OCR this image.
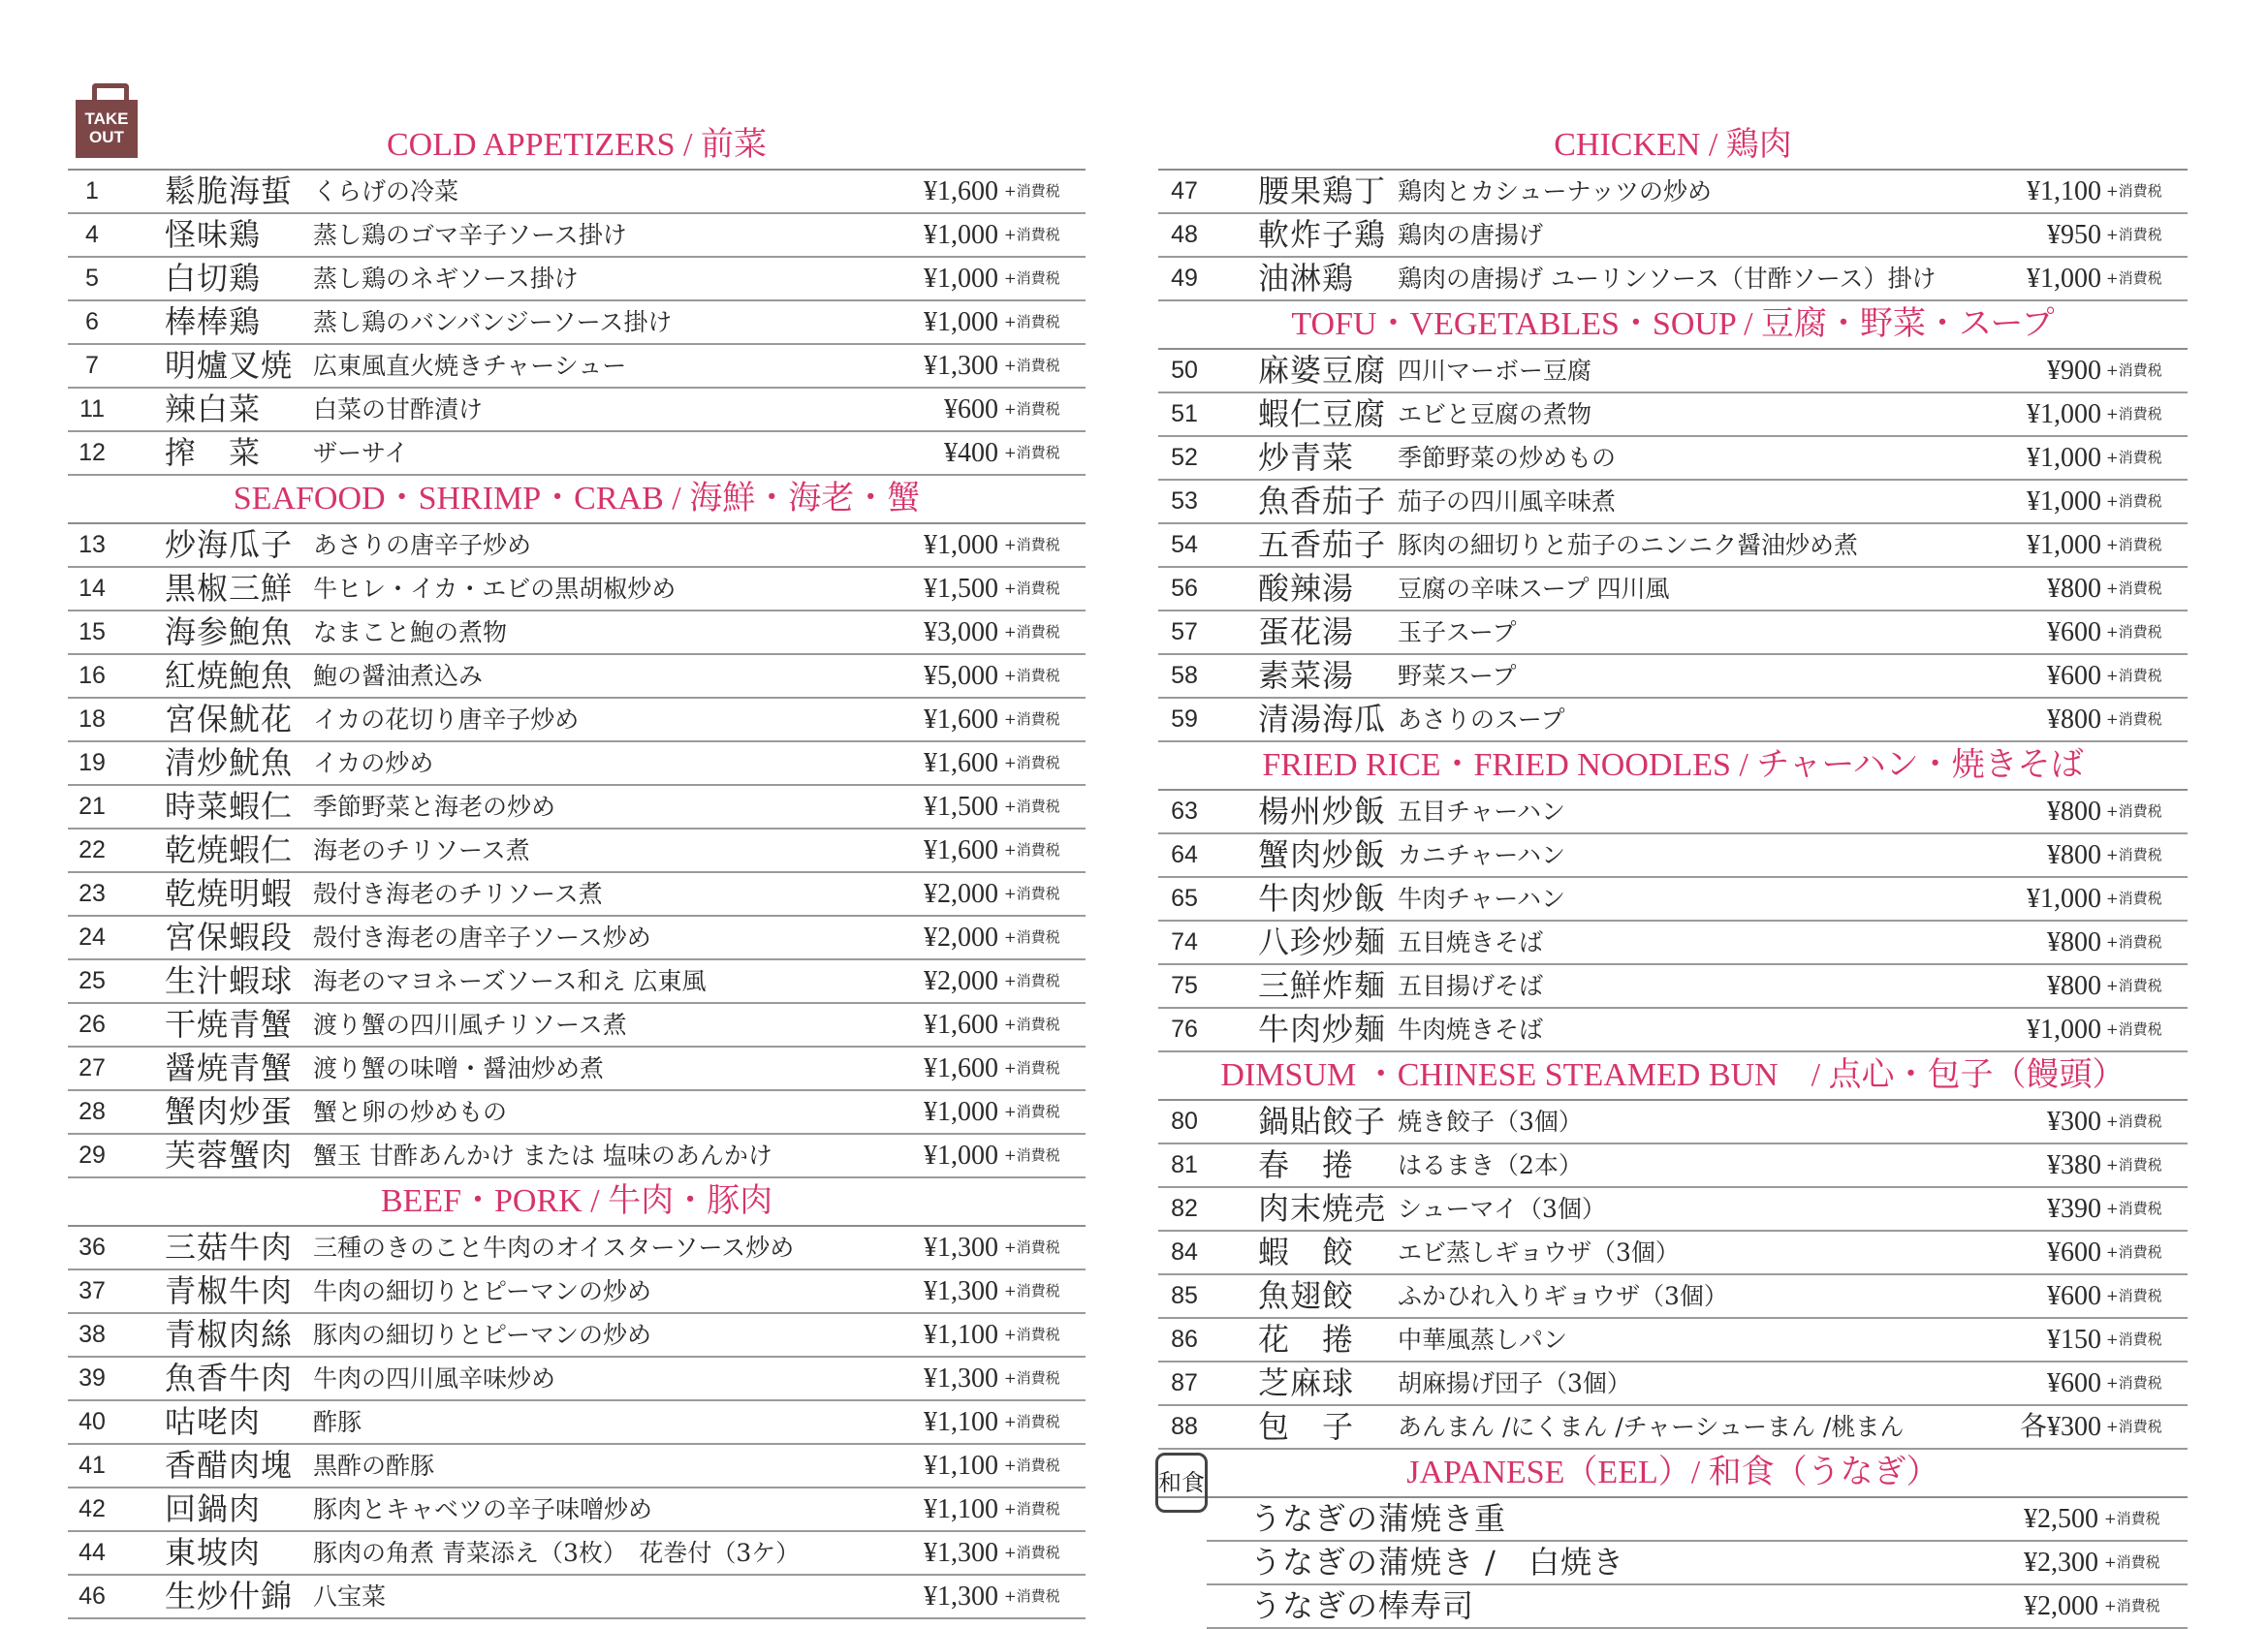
TAKE
OUT	COLD APPETIZERS / 前菜
1	鬆脆海蜇 くらげの冷菜	¥1,600 +消費税
4	怪味鶏 蒸し鶏のゴマ辛子ソース掛け	¥1,000 +消費税
5	白切鶏 蒸し鶏のネギソース掛け	¥1,000 +消費税
6	棒棒鶏 蒸し鶏のバンバンジーソース掛け	¥1,000 +消費税
7	明爐叉焼 広東風直火焼きチャーシュー	¥1,300 +消費税
11	辣白菜 白菜の甘酢漬け	¥600 +消費税
12	搾　菜 ザーサイ	¥400 +消費税
SEAFOOD・SHRIMP・CRAB / 海鮮・海老・蟹
13	炒海瓜子 あさりの唐辛子炒め	¥1,000 +消費税
14	黒椒三鮮 牛ヒレ・イカ・エビの黒胡椒炒め	¥1,500 +消費税
15	海参鮑魚 なまこと鮑の煮物	¥3,000 +消費税
16	紅焼鮑魚 鮑の醤油煮込み	¥5,000 +消費税
18	宮保魷花 イカの花切り唐辛子炒め	¥1,600 +消費税
19	清炒魷魚 イカの炒め	¥1,600 +消費税
21	時菜蝦仁 季節野菜と海老の炒め	¥1,500 +消費税
22	乾焼蝦仁 海老のチリソース煮	¥1,600 +消費税
23	乾焼明蝦 殻付き海老のチリソース煮	¥2,000 +消費税
24	宮保蝦段 殻付き海老の唐辛子ソース炒め	¥2,000 +消費税
25	生汁蝦球 海老のマヨネーズソース和え 広東風	¥2,000 +消費税
26	干焼青蟹 渡り蟹の四川風チリソース煮	¥1,600 +消費税
27	醤焼青蟹 渡り蟹の味噌・醤油炒め煮	¥1,600 +消費税
28	蟹肉炒蛋 蟹と卵の炒めもの	¥1,000 +消費税
29	芙蓉蟹肉 蟹玉 甘酢あんかけ または 塩味のあんかけ	¥1,000 +消費税
BEEF・PORK / 牛肉・豚肉
36	三菇牛肉 三種のきのこと牛肉のオイスターソース炒め	¥1,300 +消費税
37	青椒牛肉 牛肉の細切りとピーマンの炒め	¥1,300 +消費税
38	青椒肉絲 豚肉の細切りとピーマンの炒め	¥1,100 +消費税
39	魚香牛肉 牛肉の四川風辛味炒め	¥1,300 +消費税
40	咕咾肉 酢豚	¥1,100 +消費税
41	香醋肉塊 黒酢の酢豚	¥1,100 +消費税
42	回鍋肉 豚肉とキャベツの辛子味噌炒め	¥1,100 +消費税
44	東坡肉 豚肉の角煮 青菜添え（3枚）　花巻付（3ケ）	¥1,300 +消費税
46	生炒什錦 八宝菜	¥1,300 +消費税
CHICKEN / 鶏肉
47	腰果鶏丁 鶏肉とカシューナッツの炒め	¥1,100 +消費税
48	軟炸子鶏 鶏肉の唐揚げ	¥950 +消費税
49	油淋鶏 鶏肉の唐揚げ ユーリンソース（甘酢ソース）掛け	¥1,000 +消費税
TOFU・VEGETABLES・SOUP / 豆腐・野菜・スープ
50	麻婆豆腐 四川マーボー豆腐	¥900 +消費税
51	蝦仁豆腐 エビと豆腐の煮物	¥1,000 +消費税
52	炒青菜 季節野菜の炒めもの	¥1,000 +消費税
53	魚香茄子 茄子の四川風辛味煮	¥1,000 +消費税
54	五香茄子 豚肉の細切りと茄子のニンニク醤油炒め煮	¥1,000 +消費税
56	酸辣湯 豆腐の辛味スープ 四川風	¥800 +消費税
57	蛋花湯 玉子スープ	¥600 +消費税
58	素菜湯 野菜スープ	¥600 +消費税
59	清湯海瓜 あさりのスープ	¥800 +消費税
FRIED RICE・FRIED NOODLES / チャーハン・焼きそば
63	楊州炒飯 五目チャーハン	¥800 +消費税
64	蟹肉炒飯 カニチャーハン	¥800 +消費税
65	牛肉炒飯 牛肉チャーハン	¥1,000 +消費税
74	八珍炒麺 五目焼きそば	¥800 +消費税
75	三鮮炸麺 五目揚げそば	¥800 +消費税
76	牛肉炒麺 牛肉焼きそば	¥1,000 +消費税
DIMSUM ・CHINESE STEAMED BUN　/ 点心・包子（饅頭）
80	鍋貼餃子 焼き餃子（3個）	¥300 +消費税
81	春　捲 はるまき（2本）	¥380 +消費税
82	肉末焼売 シューマイ（3個）	¥390 +消費税
84	蝦　餃 エビ蒸しギョウザ（3個）	¥600 +消費税
85	魚翅餃 ふかひれ入りギョウザ（3個）	¥600 +消費税
86	花　捲 中華風蒸しパン	¥150 +消費税
87	芝麻球 胡麻揚げ団子（3個）	¥600 +消費税
88	包　子 あんまん /にくまん /チャーシューまん /桃まん	各¥300 +消費税
JAPANESE（EEL）/ 和食（うなぎ）
うなぎの蒲焼き重	¥2,500 +消費税
うなぎの蒲焼き /　白焼き	¥2,300 +消費税
うなぎの棒寿司	¥2,000 +消費税
和食
